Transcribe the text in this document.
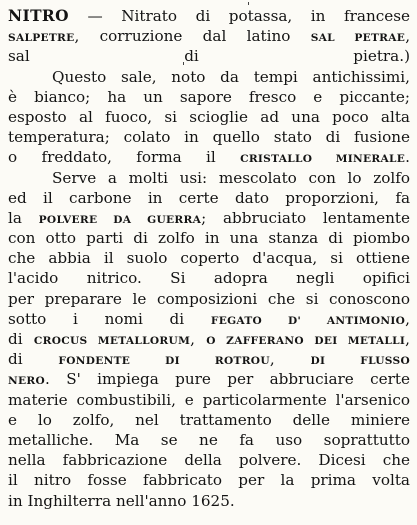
NITRO — Nitrato di potassa, in francese
SALPETRE, corruzione dal latino SAL PETRAE,
sal di pietra.)
Questo sale, noto da tempi antichissimi,
è bianco; ha un sapore fresco e piccante;
esposto al fuoco, si scioglie ad una poco alta
temperatura; colato in quello stato di fusione
o freddato, forma il CRISTALLO MINERALE.
Serve a molti usi: mescolato con lo zolfo
ed il carbone in certe dato proporzioni, fa
la POLVERE DA GUERRA; abbruciato lentamente
con otto parti di zolfo in una stanza di piombo
che abbia il suolo coperto d'acqua, si ottiene
l'acido nitrico. Si adopra negli opifici
per preparare le composizioni che si conoscono
sotto i nomi di FEGATO D' ANTIMONIO,
di CROCUS METALLORUM, O ZAFFERANO DEI METALLI,
di FONDENTE DI ROTROU, DI FLUSSO
NERO. S' impiega pure per abbruciare certe
materie combustibili, e particolarmente l'arsenico
e lo zolfo, nel trattamento delle miniere
metalliche. Ma se ne fa uso soprattutto
nella fabbricazione della polvere. Dicesi che
il nitro fosse fabbricato per la prima volta
in Inghilterra nell'anno 1625.
